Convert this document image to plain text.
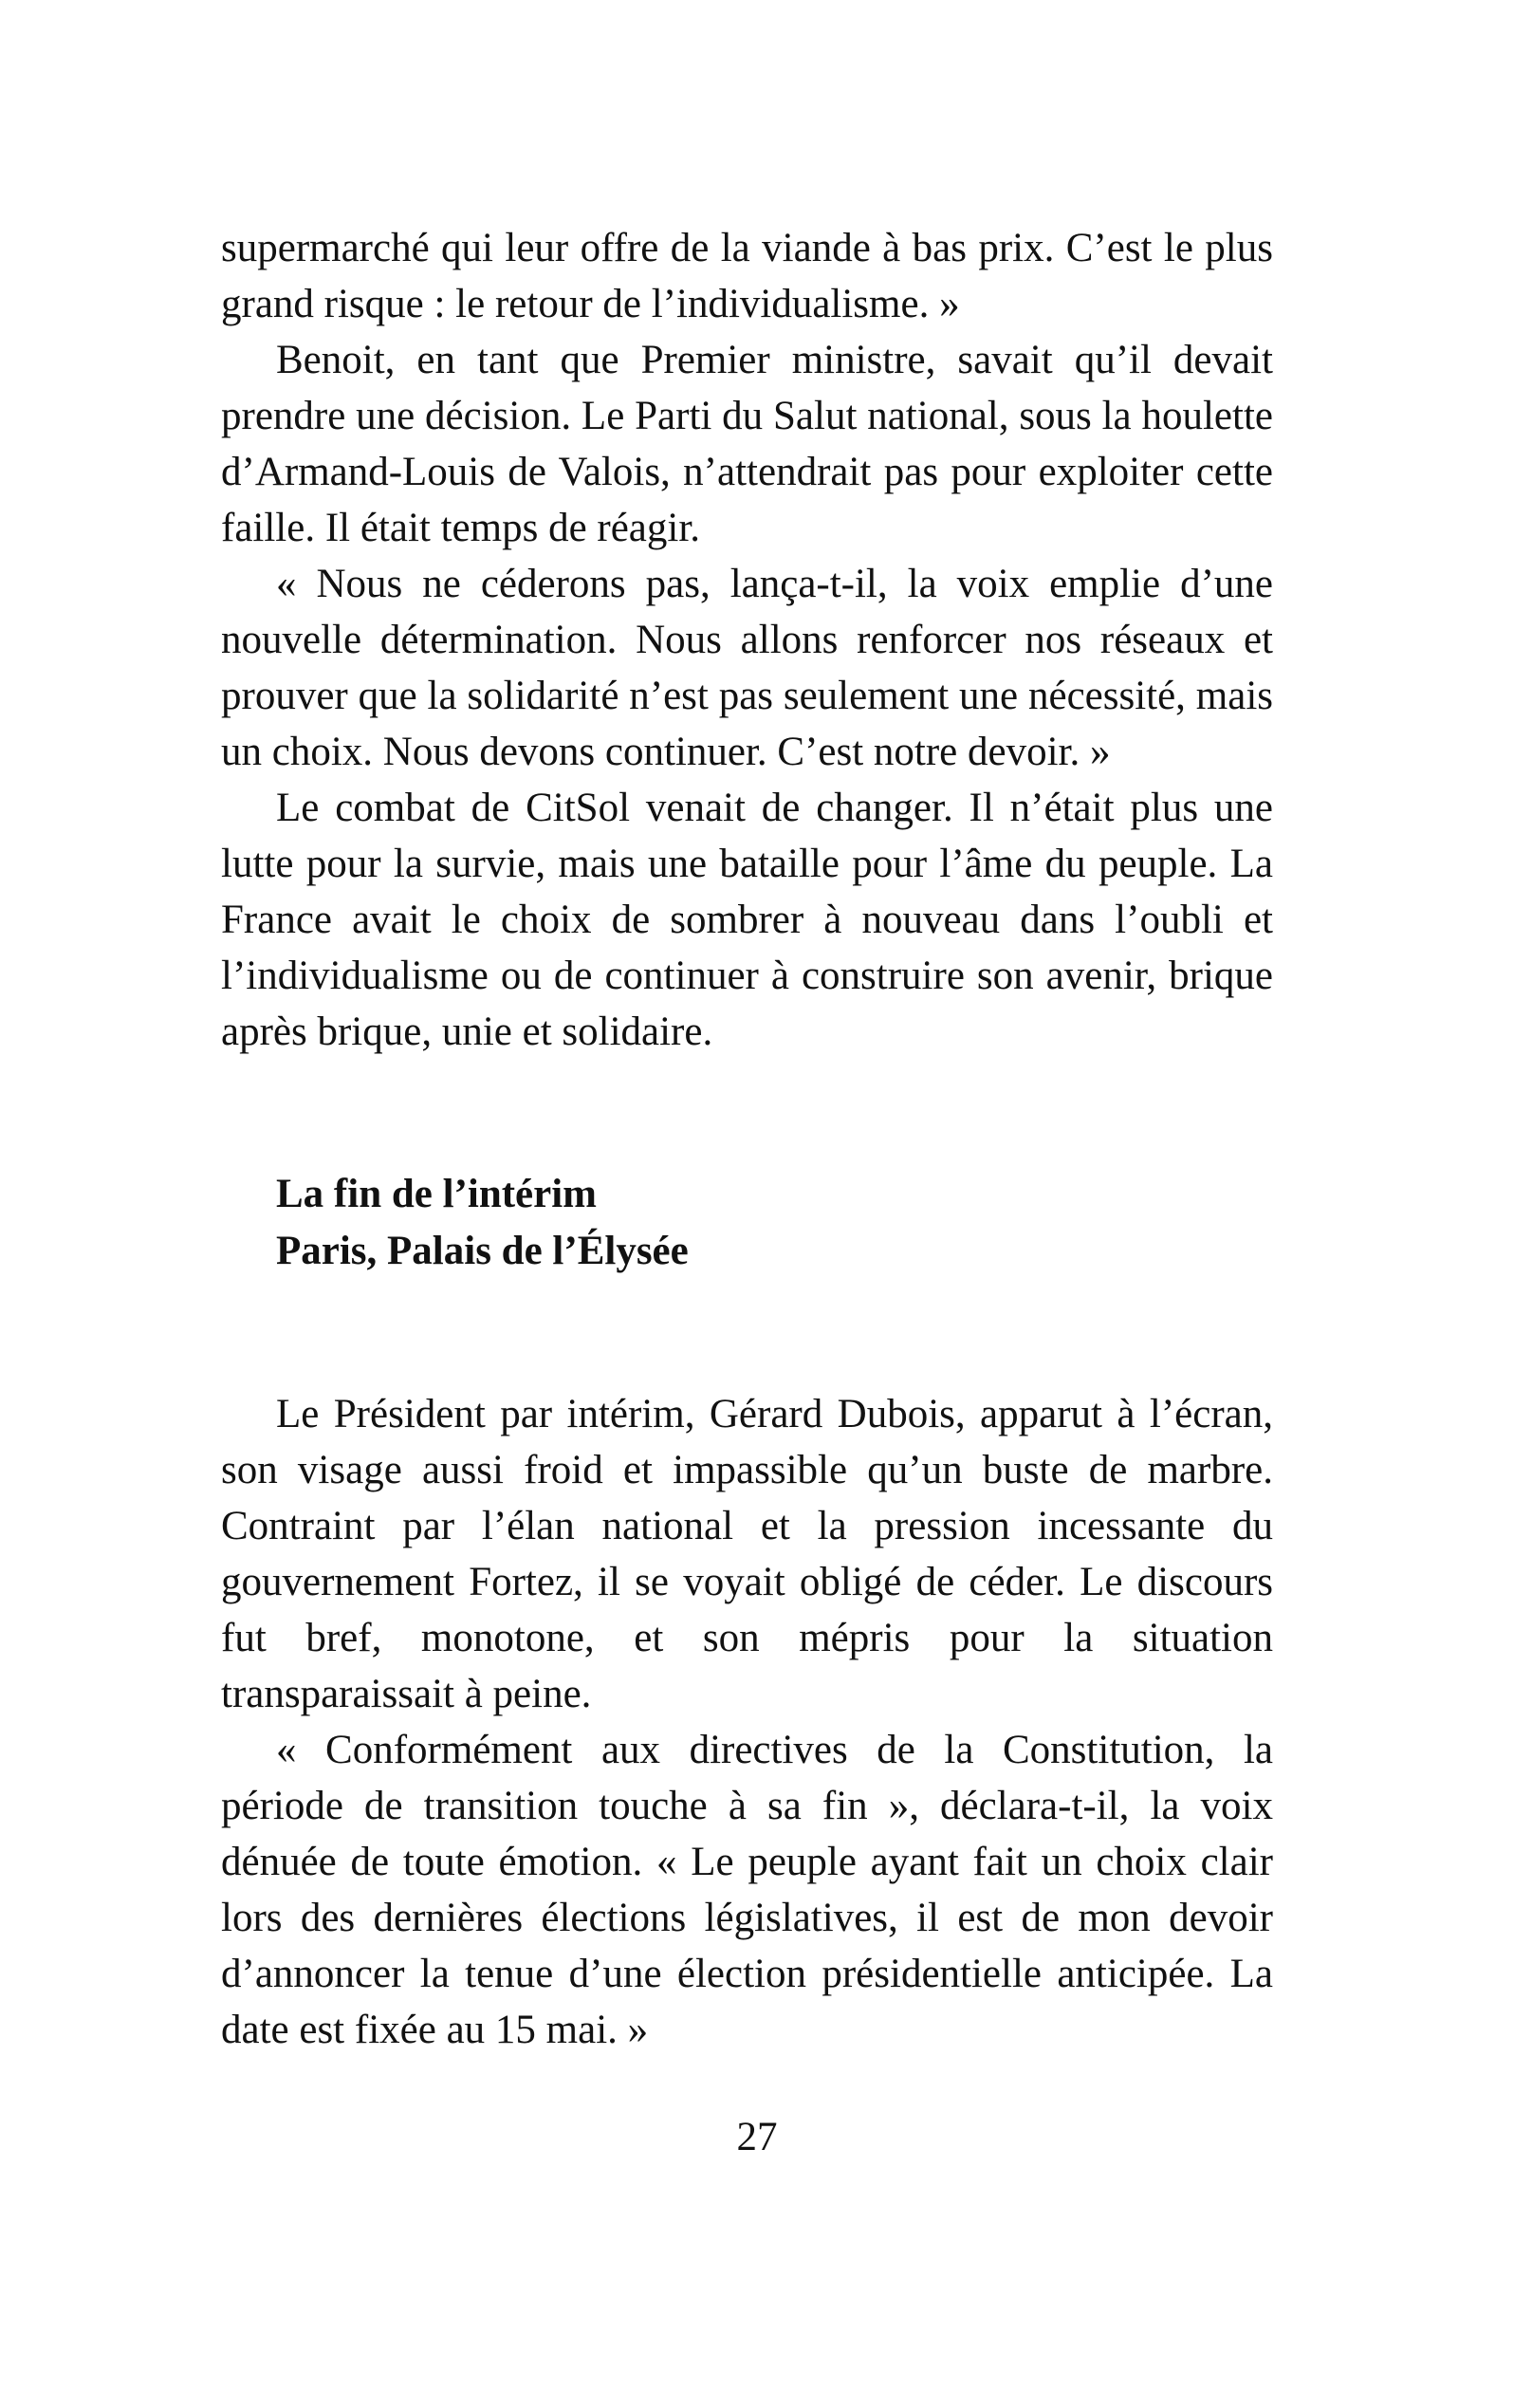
supermarché qui leur offre de la viande à bas prix. C’est le plus grand risque : le retour de l’individualisme. »

Benoit, en tant que Premier ministre, savait qu’il devait prendre une décision. Le Parti du Salut national, sous la houlette d’Armand-Louis de Valois, n’attendrait pas pour exploiter cette faille. Il était temps de réagir.

« Nous ne céderons pas, lança-t-il, la voix emplie d’une nouvelle détermination. Nous allons renforcer nos réseaux et prouver que la solidarité n’est pas seulement une nécessité, mais un choix. Nous devons continuer. C’est notre devoir. »

Le combat de CitSol venait de changer. Il n’était plus une lutte pour la survie, mais une bataille pour l’âme du peuple. La France avait le choix de sombrer à nouveau dans l’oubli et l’individualisme ou de continuer à construire son avenir, brique après brique, unie et solidaire.

La fin de l’intérim

Paris, Palais de l’Élysée

Le Président par intérim, Gérard Dubois, apparut à l’écran, son visage aussi froid et impassible qu’un buste de marbre. Contraint par l’élan national et la pression incessante du gouvernement Fortez, il se voyait obligé de céder. Le discours fut bref, monotone, et son mépris pour la situation transparaissait à peine.

« Conformément aux directives de la Constitution, la période de transition touche à sa fin », déclara-t-il, la voix dénuée de toute émotion. « Le peuple ayant fait un choix clair lors des dernières élections législatives, il est de mon devoir d’annoncer la tenue d’une élection présidentielle anticipée. La date est fixée au 15 mai. »

27
